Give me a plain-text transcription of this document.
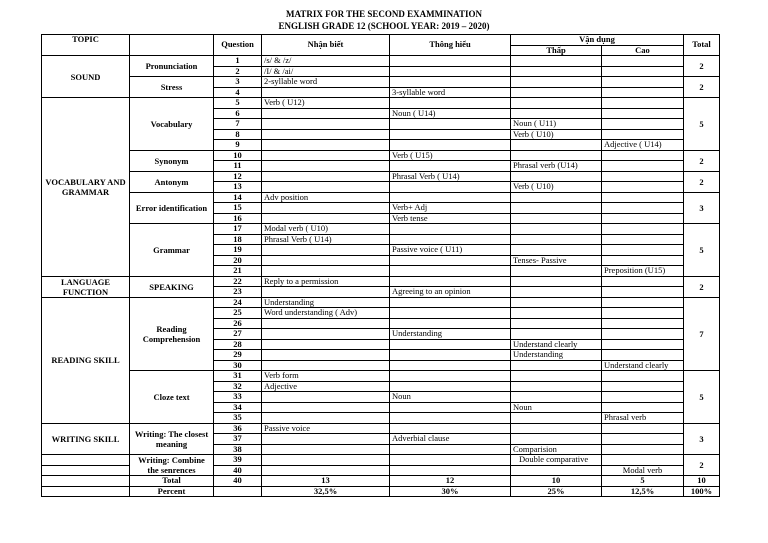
MATRIX FOR THE SECOND EXAMMINATION
ENGLISH GRADE 12 (SCHOOL YEAR: 2019 – 2020)
TOPIC		Question	Nhận biết	Thông hiểu	Vận dụng		Total
					Thấp	Cao	
SOUND	Pronunciation	1	/s/ & /z/				2
		2	/I/ & /ai/				
	Stress	3	2-syllable word				2
		4		3-syllable word			
VOCABULARY AND GRAMMAR	Vocabulary	5	Verb ( U12)				5
		6		Noun ( U14)			
		7			Noun ( U11)		
		8			Verb ( U10)		
		9				Adjective ( U14)	
	Synonym	10		Verb ( U15)			2
		11			Phrasal verb (U14)		
	Antonym	12		Phrasal Verb ( U14)			2
		13			Verb ( U10)		
	Error identification	14	Adv position				3
		15		Verb+ Adj			
		16		Verb tense			
	Grammar	17	Modal verb ( U10)				5
		18	Phrasal Verb ( U14)				
		19		Passive voice ( U11)			
		20			Tenses- Passive		
		21				Preposition (U15)	
LANGUAGE FUNCTION	SPEAKING	22	Reply to a permission				2
		23		Agreeing to an opinion			
READING SKILL	Reading Comprehension	24	Understanding				7
		25	Word understanding ( Adv)				
		26					
		27		Understanding			
		28			Understand clearly		
		29			Understanding		
		30				Understand clearly	
	Cloze text	31	Verb form				5
		32	Adjective				
		33		Noun			
		34			Noun		
		35				Phrasal verb	
WRITING SKILL	Writing: The closest meaning	36	Passive voice				3
		37		Adverbial clause			
		38			Comparision		
	Writing: Combine the senrences	39			Double comparative		2
		40				Modal verb	
	Total	40	13	12	10	5	10
	Percent		32,5%	30%	25%	12,5%	100%
